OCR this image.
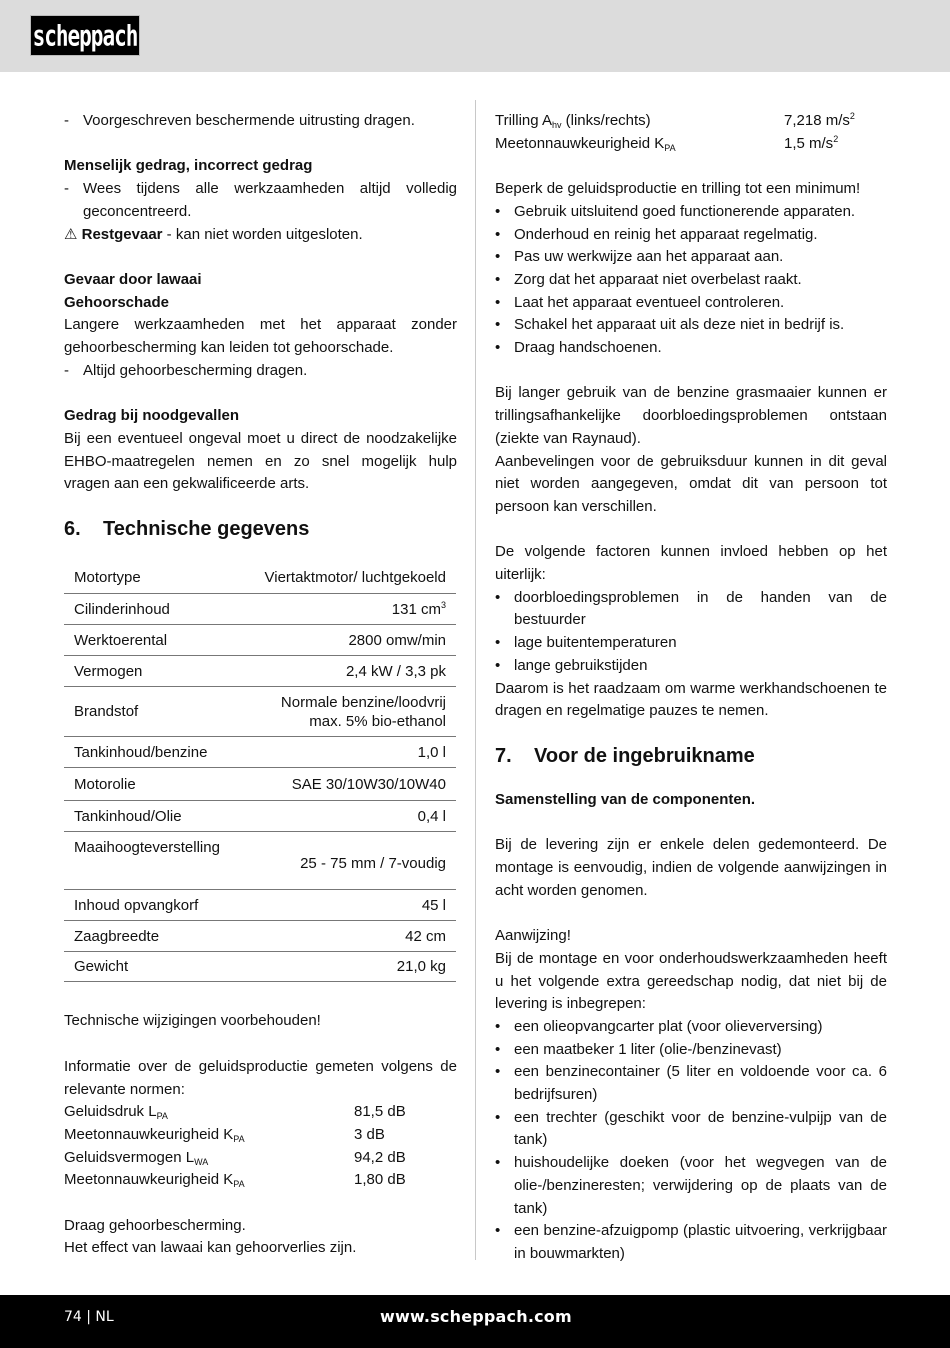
scheppach
- Voorgeschreven beschermende uitrusting dragen.

Menselijk gedrag, incorrect gedrag

- Wees tijdens alle werkzaamheden altijd volledig geconcentreerd.

⚠ Restgevaar - kan niet worden uitgesloten.

Gevaar door lawaai

Gehoorschade

Langere werkzaamheden met het apparaat zonder gehoorbescherming kan leiden tot gehoorschade.

- Altijd gehoorbescherming dragen.

Gedrag bij noodgevallen

Bij een eventueel ongeval moet u direct de noodzakelijke EHBO-maatregelen nemen en zo snel mogelijk hulp vragen aan een gekwalificeerde arts.

6.	Technische gegevens
Motortype	Viertaktmotor/ luchtgekoeld
Cilinderinhoud	131 $cm^3$
Werktoerental	2800 omw/min
Vermogen	2,4 kW / 3,3 pk
Brandstof	Normale benzine/loodvrij
max. 5% bio-ethanol

Tankinhoud/benzine	1,0 l
Motorolie	SAE 30/10W30/10W40
Tankinhoud/Olie	0,4 l
Maaihoogteverstelling	25 - 75 mm / 7-voudig
Inhoud opvangkorf	45 l
Zaagbreedte	42 cm
Gewicht	21,0 kg

Technische wijzigingen voorbehouden!

Informatie over de geluidsproductie gemeten volgens de relevante normen:

Geluidsdruk $L_{PA}$	81,5 dB
Meetonnauwkeurigheid $K_{PA}$	3 dB
Geluidsvermogen $L_{WA}$	94,2 dB
Meetonnauwkeurigheid $K_{PA}$	1,80 dB

Draag gehoorbescherming.

Het effect van lawaai kan gehoorverlies zijn.

Trilling $A_{hv}$ (links/rechts)	7,218 $m/s^2$
Meetonnauwkeurigheid $K_{PA}$	1,5 $m/s^2$

Beperk de geluidsproductie en trilling tot een minimum!

• Gebruik uitsluitend goed functionerende apparaten.
• Onderhoud en reinig het apparaat regelmatig.
• Pas uw werkwijze aan het apparaat aan.
• Zorg dat het apparaat niet overbelast raakt.
• Laat het apparaat eventueel controleren.
• Schakel het apparaat uit als deze niet in bedrijf is.
• Draag handschoenen.

Bij langer gebruik van de benzine grasmaaier kunnen er trillingsafhankelijke doorbloedingsproblemen ontstaan (ziekte van Raynaud).

Aanbevelingen voor de gebruiksduur kunnen in dit geval niet worden aangegeven, omdat dit van persoon tot persoon kan verschillen.

De volgende factoren kunnen invloed hebben op het uiterlijk:

• doorbloedingsproblemen in de handen van de bestuurder
• lage buitentemperaturen
• lange gebruikstijden

Daarom is het raadzaam om warme werkhandschoenen te dragen en regelmatige pauzes te nemen.

7.	Voor de ingebruikname

Samenstelling van de componenten.

Bij de levering zijn er enkele delen gedemonteerd. De montage is eenvoudig, indien de volgende aanwijzingen in acht worden genomen.

Aanwijzing!

Bij de montage en voor onderhoudswerkzaamheden heeft u het volgende extra gereedschap nodig, dat niet bij de levering is inbegrepen:

• een olieopvangcarter plat (voor olieverversing)
• een maatbeker 1 liter (olie-/benzinevast)
• een benzinecontainer (5 liter en voldoende voor ca. 6 bedrijfsuren)
• een trechter (geschikt voor de benzine-vulpijp van de tank)
• huishoudelijke doeken (voor het wegvegen van de olie-/benzineresten; verwijdering op de plaats van de tank)
• een benzine-afzuigpomp (plastic uitvoering, verkrijgbaar in bouwmarkten)
74 | NL	www.scheppach.com
